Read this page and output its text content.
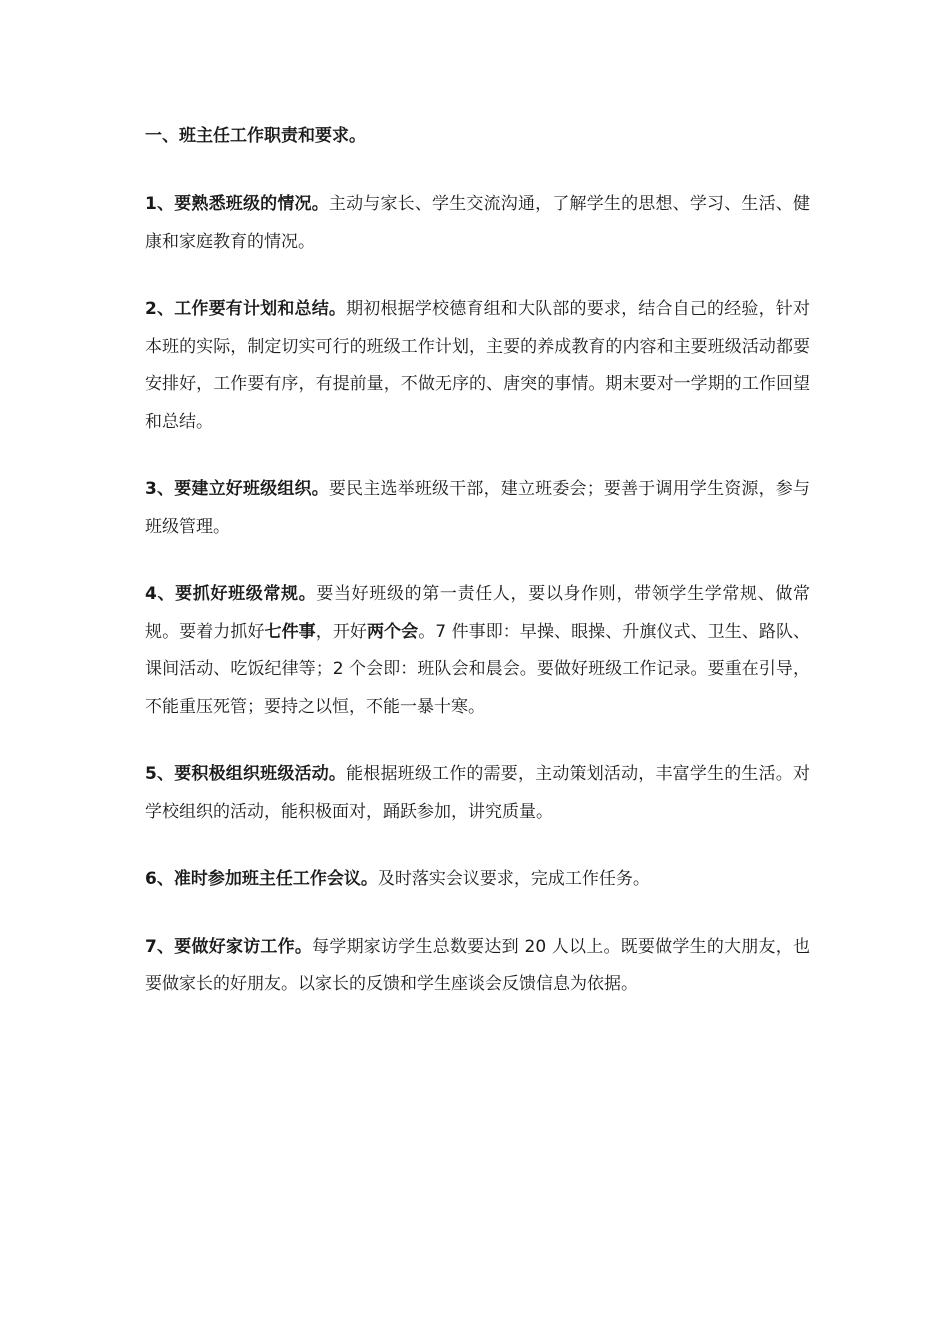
一、班主任工作职责和要求。

1、要熟悉班级的情况。主动与家长、学生交流沟通，了解学生的思想、学习、生活、健康和家庭教育的情况。

2、工作要有计划和总结。期初根据学校德育组和大队部的要求，结合自己的经验，针对本班的实际，制定切实可行的班级工作计划，主要的养成教育的内容和主要班级活动都要安排好，工作要有序，有提前量，不做无序的、唐突的事情。期末要对一学期的工作回望和总结。

3、要建立好班级组织。要民主选举班级干部，建立班委会；要善于调用学生资源，参与班级管理。

4、要抓好班级常规。要当好班级的第一责任人，要以身作则，带领学生学常规、做常规。要着力抓好七件事，开好两个会。7 件事即：早操、眼操、升旗仪式、卫生、路队、课间活动、吃饭纪律等；2 个会即：班队会和晨会。要做好班级工作记录。要重在引导，不能重压死管；要持之以恒，不能一暴十寒。

5、要积极组织班级活动。能根据班级工作的需要，主动策划活动，丰富学生的生活。对学校组织的活动，能积极面对，踊跃参加，讲究质量。

6、准时参加班主任工作会议。及时落实会议要求，完成工作任务。

7、要做好家访工作。每学期家访学生总数要达到 20 人以上。既要做学生的大朋友，也要做家长的好朋友。以家长的反馈和学生座谈会反馈信息为依据。
